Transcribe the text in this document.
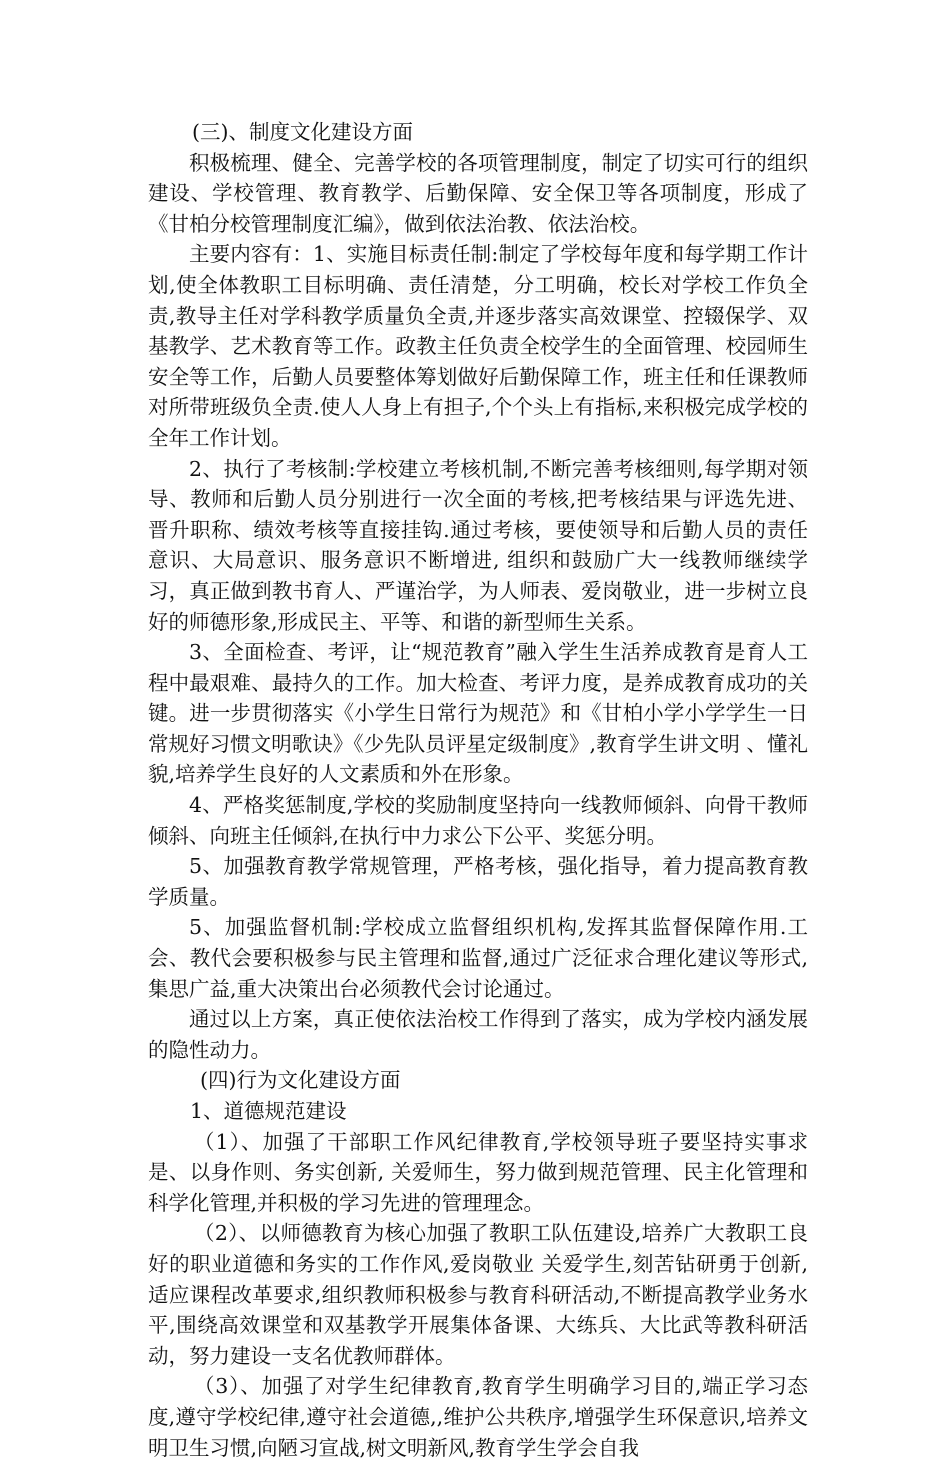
(三)、制度文化建设方面

积极梳理、健全、完善学校的各项管理制度，制定了切实可行的组织建设、学校管理、教育教学、后勤保障、安全保卫等各项制度，形成了《甘柏分校管理制度汇编》，做到依法治教、依法治校。

主要内容有：1、实施目标责任制:制定了学校每年度和每学期工作计划,使全体教职工目标明确、责任清楚，分工明确，校长对学校工作负全责,教导主任对学科教学质量负全责,并逐步落实高效课堂、控辍保学、双基教学、艺术教育等工作。政教主任负责全校学生的全面管理、校园师生安全等工作，后勤人员要整体筹划做好后勤保障工作，班主任和任课教师对所带班级负全责.使人人身上有担子,个个头上有指标,来积极完成学校的全年工作计划。

2、执行了考核制:学校建立考核机制,不断完善考核细则,每学期对领导、教师和后勤人员分别进行一次全面的考核,把考核结果与评选先进、晋升职称、绩效考核等直接挂钩.通过考核，要使领导和后勤人员的责任意识、大局意识、服务意识不断增进, 组织和鼓励广大一线教师继续学习，真正做到教书育人、严谨治学，为人师表、爱岗敬业，进一步树立良好的师德形象,形成民主、平等、和谐的新型师生关系。

3、全面检查、考评，让“规范教育”融入学生生活养成教育是育人工程中最艰难、最持久的工作。加大检查、考评力度，是养成教育成功的关键。进一步贯彻落实《小学生日常行为规范》和《甘柏小学小学学生一日常规好习惯文明歌诀》《少先队员评星定级制度》,教育学生讲文明 、懂礼貌,培养学生良好的人文素质和外在形象。

4、严格奖惩制度,学校的奖励制度坚持向一线教师倾斜、向骨干教师倾斜、向班主任倾斜,在执行中力求公下公平、奖惩分明。

5、加强教育教学常规管理，严格考核，强化指导，着力提高教育教学质量。

5、加强监督机制:学校成立监督组织机构,发挥其监督保障作用.工会、教代会要积极参与民主管理和监督,通过广泛征求合理化建议等形式,集思广益,重大决策出台必须教代会讨论通过。

通过以上方案，真正使依法治校工作得到了落实，成为学校内涵发展的隐性动力。

(四)行为文化建设方面

1、道德规范建设

（1）、加强了干部职工作风纪律教育,学校领导班子要坚持实事求是、以身作则、务实创新, 关爱师生，努力做到规范管理、民主化管理和科学化管理,并积极的学习先进的管理理念。

（2）、以师德教育为核心加强了教职工队伍建设,培养广大教职工良好的职业道德和务实的工作作风,爱岗敬业 关爱学生,刻苦钻研勇于创新,适应课程改革要求,组织教师积极参与教育科研活动,不断提高教学业务水平,围绕高效课堂和双基教学开展集体备课、大练兵、大比武等教科研活动，努力建设一支名优教师群体。

（3）、加强了对学生纪律教育,教育学生明确学习目的,端正学习态度,遵守学校纪律,遵守社会道德,,维护公共秩序,增强学生环保意识,培养文明卫生习惯,向陋习宣战,树文明新风,教育学生学会自我
